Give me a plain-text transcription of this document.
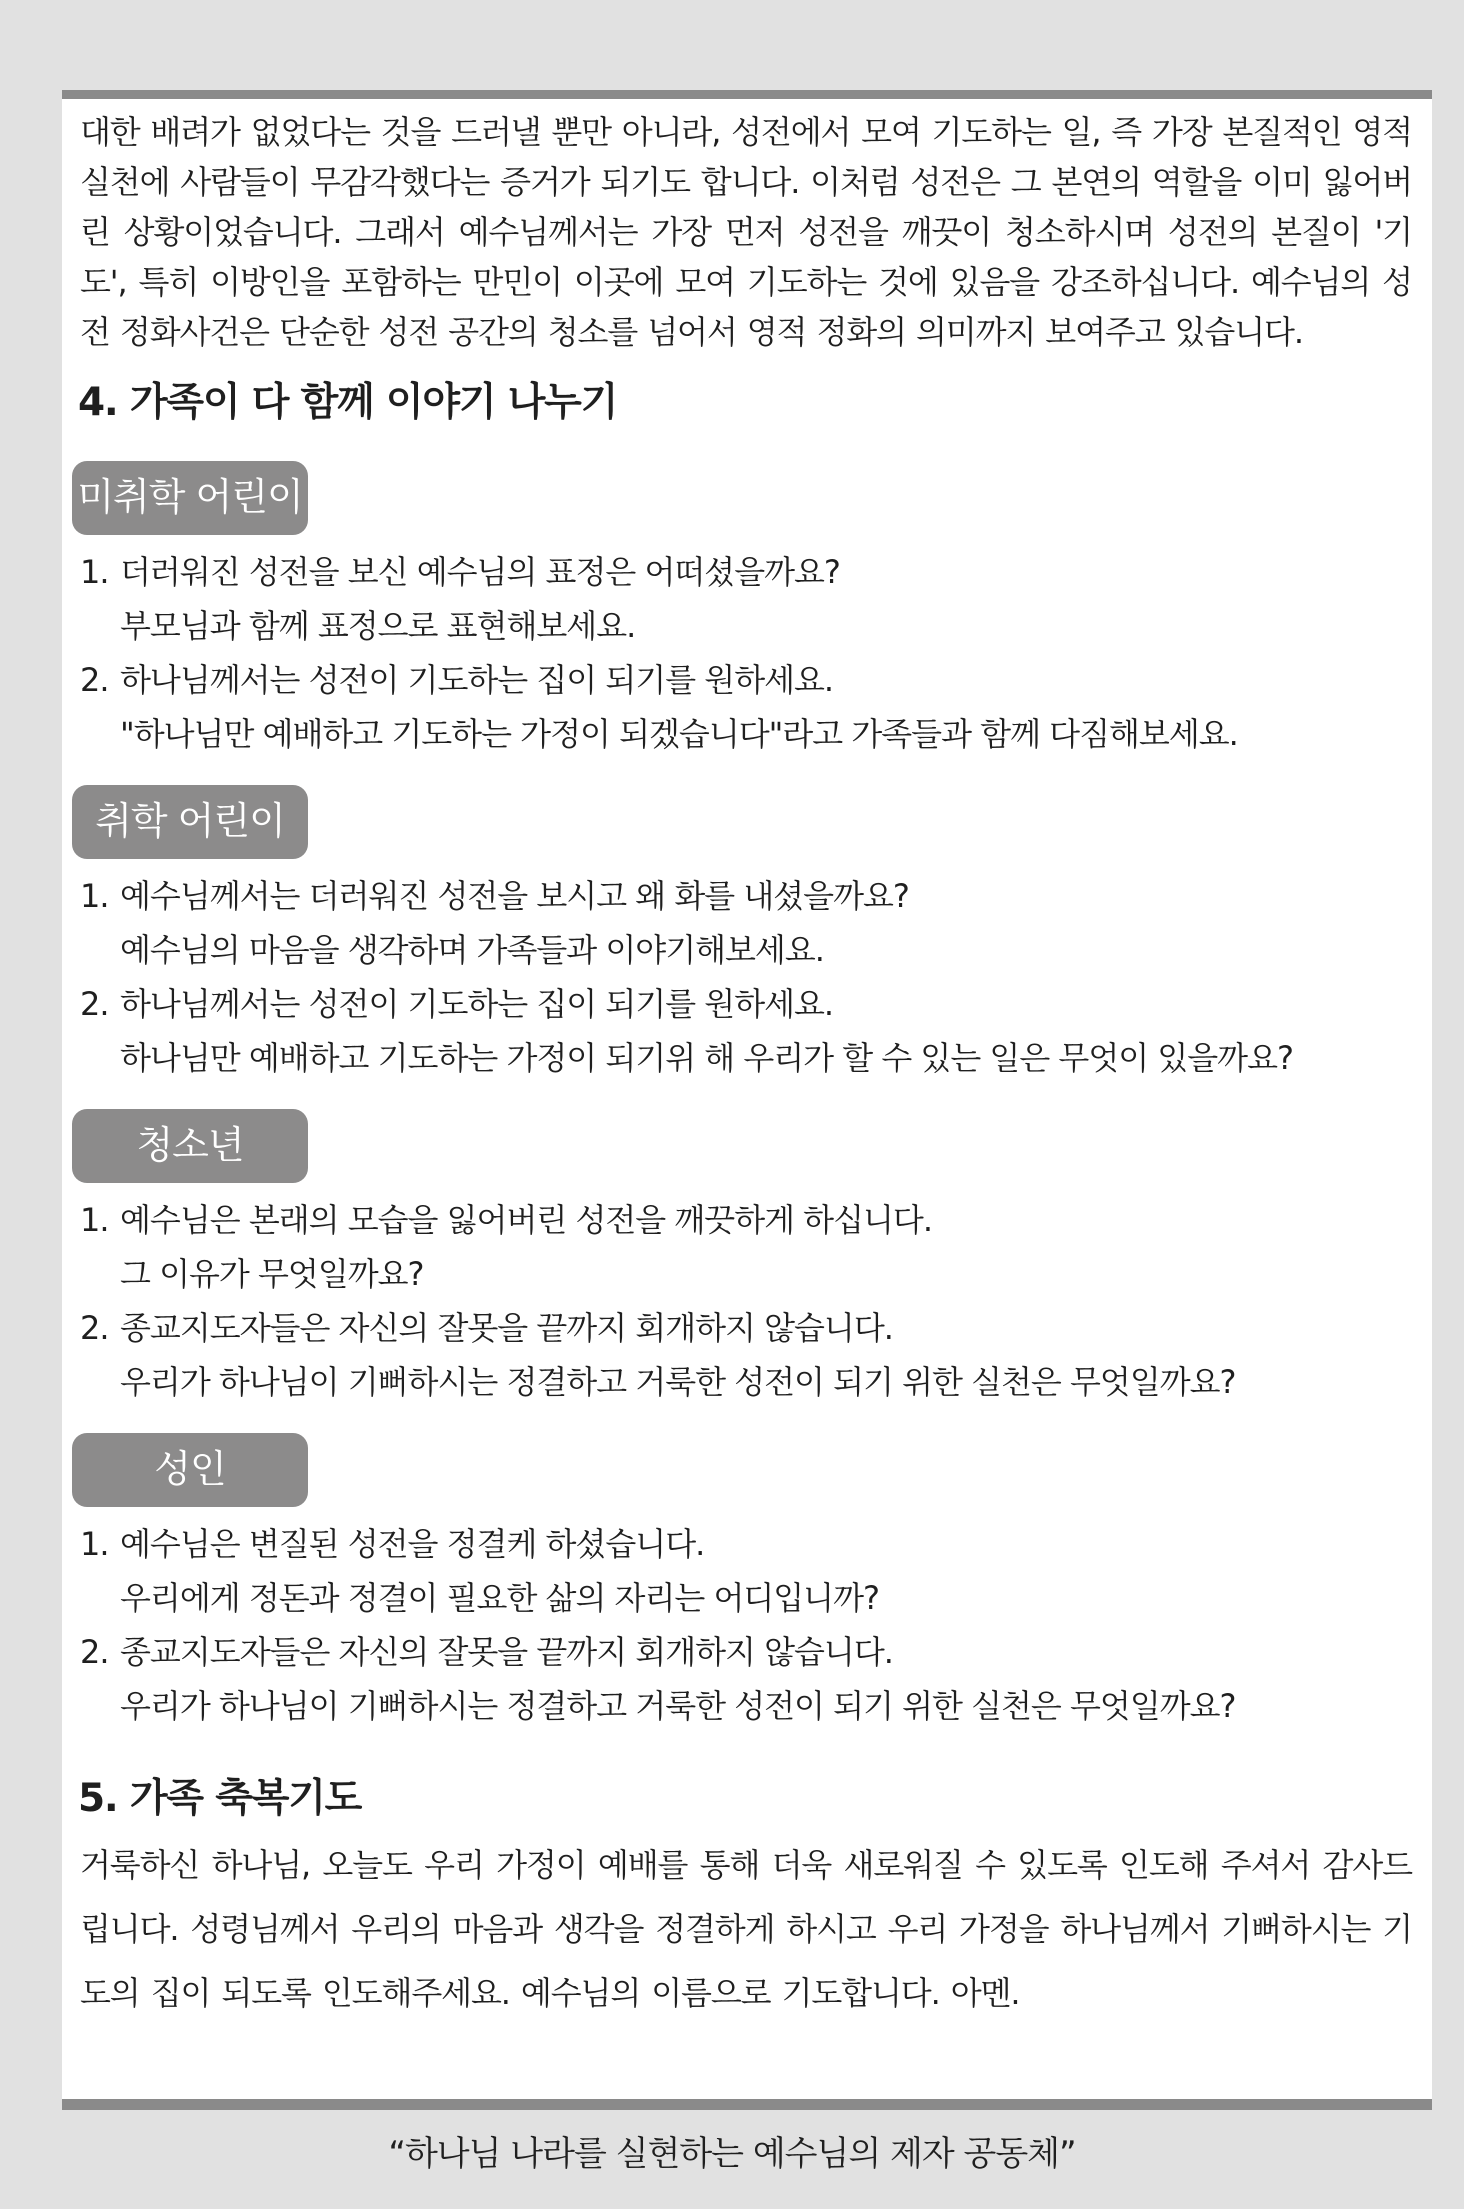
대한 배려가 없었다는 것을 드러낼 뿐만 아니라, 성전에서 모여 기도하는 일, 즉 가장 본질적인 영적 실천에 사람들이 무감각했다는 증거가 되기도 합니다. 이처럼 성전은 그 본연의 역할을 이미 잃어버린 상황이었습니다. 그래서 예수님께서는 가장 먼저 성전을 깨끗이 청소하시며 성전의 본질이 '기도', 특히 이방인을 포함하는 만민이 이곳에 모여 기도하는 것에 있음을 강조하십니다. 예수님의 성전 정화사건은 단순한 성전 공간의 청소를 넘어서 영적 정화의 의미까지 보여주고 있습니다.

4. 가족이 다 함께 이야기 나누기
미취학 어린이
1. 더러워진 성전을 보신 예수님의 표정은 어떠셨을까요?
부모님과 함께 표정으로 표현해보세요.
2. 하나님께서는 성전이 기도하는 집이 되기를 원하세요.
"하나님만 예배하고 기도하는 가정이 되겠습니다"라고 가족들과 함께 다짐해보세요.
취학 어린이
1. 예수님께서는 더러워진 성전을 보시고 왜 화를 내셨을까요?
예수님의 마음을 생각하며 가족들과 이야기해보세요.
2. 하나님께서는 성전이 기도하는 집이 되기를 원하세요.
하나님만 예배하고 기도하는 가정이 되기위 해 우리가 할 수 있는 일은 무엇이 있을까요?
청소년
1. 예수님은 본래의 모습을 잃어버린 성전을 깨끗하게 하십니다.
그 이유가 무엇일까요?
2. 종교지도자들은 자신의 잘못을 끝까지 회개하지 않습니다.
우리가 하나님이 기뻐하시는 정결하고 거룩한 성전이 되기 위한 실천은 무엇일까요?
성인
1. 예수님은 변질된 성전을 정결케 하셨습니다.
우리에게 정돈과 정결이 필요한 삶의 자리는 어디입니까?
2. 종교지도자들은 자신의 잘못을 끝까지 회개하지 않습니다.
우리가 하나님이 기뻐하시는 정결하고 거룩한 성전이 되기 위한 실천은 무엇일까요?
5. 가족 축복기도

거룩하신 하나님, 오늘도 우리 가정이 예배를 통해 더욱 새로워질 수 있도록 인도해 주셔서 감사드립니다. 성령님께서 우리의 마음과 생각을 정결하게 하시고 우리 가정을 하나님께서 기뻐하시는 기도의 집이 되도록 인도해주세요. 예수님의 이름으로 기도합니다. 아멘.

“하나님 나라를 실현하는 예수님의 제자 공동체”
